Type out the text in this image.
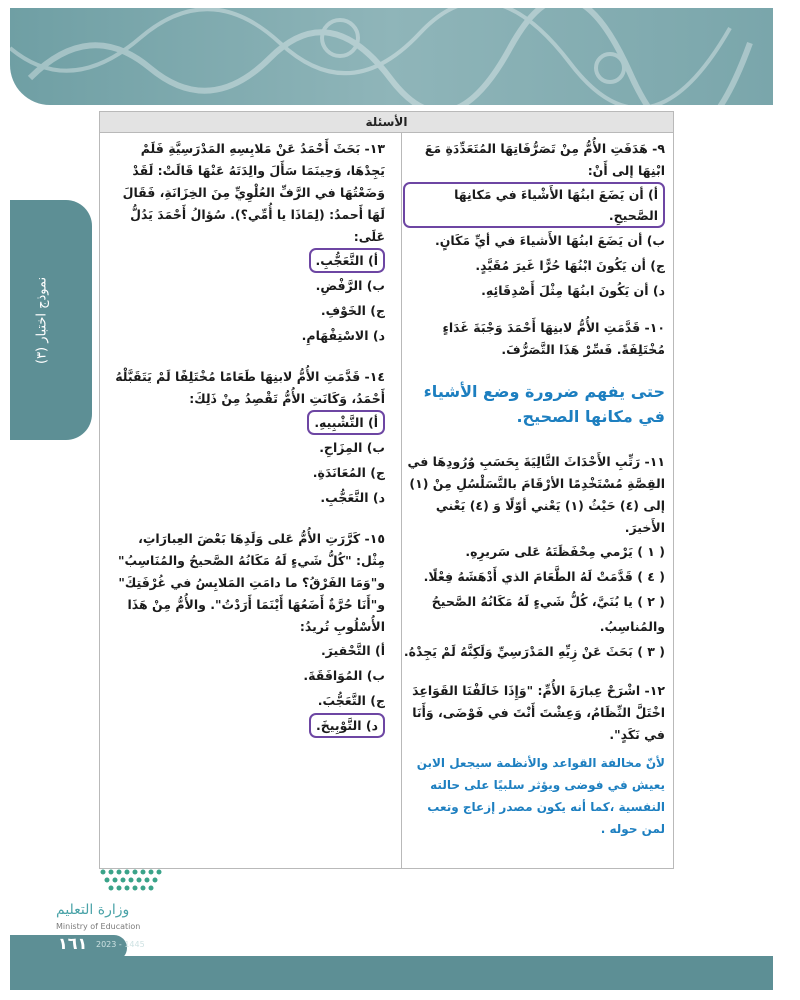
نموذج اختبار (٣)
الأسئلة

٩- هَدَفَتِ الأُمُّ مِنْ تَصَرُّفَاتِهَا المُتَعَدِّدَةِ مَعَ ابْنِهَا إلى أَنْ:

أ) أن يَضَعَ ابنُهَا الأَشْياءَ في مَكانِهَا الصَّحيحِ.
ب) أن يَضَعَ ابنُهَا الأَشياءَ في أيِّ مَكَانٍ.
ج) أن يَكُونَ ابْنُهَا حُرًّا غَيرَ مُقَيَّدٍ.
د) أن يَكُونَ ابنُهَا مِثْلَ أَصْدِقَائِهِ.

١٠- قَدَّمَتِ الأُمُّ لابنِهَا أَحْمَدَ وَجْبَةَ غَدَاءٍ مُخْتَلِفَةً. فَسِّرْ هَذَا التَّصَرُّفَ.

حتى يفهم ضرورة وضع الأشياء في مكانها الصحيح.

١١- رَتِّبِ الأَحْدَاثَ التَّالِيَةَ بِحَسَبِ وُرُودِهَا في القِصَّةِ مُسْتَخْدِمًا الأرْقَامَ بالتَّسَلْسُلِ مِنْ (١) إلى (٤) حَيْثُ (١) يَعْني أوّلًا وَ (٤) يَعْني الأَخيرَ.

( ١ ) يَرْمي مِحْفَظَتَهُ عَلى سَريرِهِ.
( ٤ ) قَدَّمَتْ لَهُ الطَّعَامَ الذي أَدْهَشَهُ فِعْلًا.
( ٢ ) يا بُنَيَّ، كُلُّ شَيءٍ لَهُ مَكَانُهُ الصَّحيحُ والمُناسِبُ.
( ٣ ) بَحَثَ عَنْ زِيِّهِ المَدْرَسِيِّ وَلَكِنَّهُ لَمْ يَجِدْهُ.

١٢- اشْرَحْ عِبارَةَ الأُمِّ: "وَإِذَا خَالَفْنَا القَوَاعِدَ اخْتَلَّ النِّظَامُ، وَعِشْتَ أَنْتَ في فَوْضَى، وَأَنَا في نَكَدٍ".

لأنّ مخالفة القواعد والأنظمة سيجعل الابن يعيش في فوضى ويؤثر سلبيًا على حالته النفسية ،كما أنه يكون مصدر إزعاج وتعب لمن حوله .

١٣- بَحَثَ أَحْمَدُ عَنْ مَلابِسِهِ المَدْرَسِيَّةِ فَلَمْ يَجِدْهَا، وَحِينَمَا سَأَلَ والِدَتَهُ عَنْهَا قَالَتْ: لَقَدْ وَضَعْتُهَا في الرَّفِّ العُلْوِيِّ مِنَ الخِزَانَةِ، فَقَالَ لَهَا أَحمدُ: (لِمَاذَا يا أُمِّي؟). سُؤالُ أَحْمَدَ يَدُلُّ عَلَى:

أ) التَّعَجُّبِ.
ب) الرَّفْضِ.
ج) الخَوْفِ.
د) الاسْتِفْهَامِ.

١٤- قَدَّمَتِ الأُمُّ لابنِهَا طَعَامًا مُخْتَلِفًا لَمْ يَتَقَبَّلْهُ أَحْمَدُ، وَكَانَتِ الأُمُّ تَقْصِدُ مِنْ ذَلِكَ:

أ) التَّشْبِيهِ.
ب) المِزَاحِ.
ج) المُعَانَدَةِ.
د) التَّعَجُّبِ.

١٥- كَرَّرَتِ الأُمُّ عَلى وَلَدِهَا بَعْضَ العِبارَاتِ، مِثْل: "كُلُّ شَيءٍ لَهُ مَكَانُهُ الصَّحيحُ والمُنَاسِبُ" و"وَمَا الفَرْقُ؟ ما دامَتِ المَلابِسُ في غُرْفَتِكَ" و"أَنَا حُرَّةٌ أَضَعُهَا أَيْنَمَا أَرَدْتُ". والأُمُّ مِنْ هَذَا الأُسْلُوبِ تُريدُ:

أ) التَّحْقيرَ.
ب) المُوَافَقَةَ.
ج) التَّعَجُّبَ.
د) التَّوْبِيخَ.
وزارة التعليم
Ministry of Education
١٦١ 2023 - 1445
